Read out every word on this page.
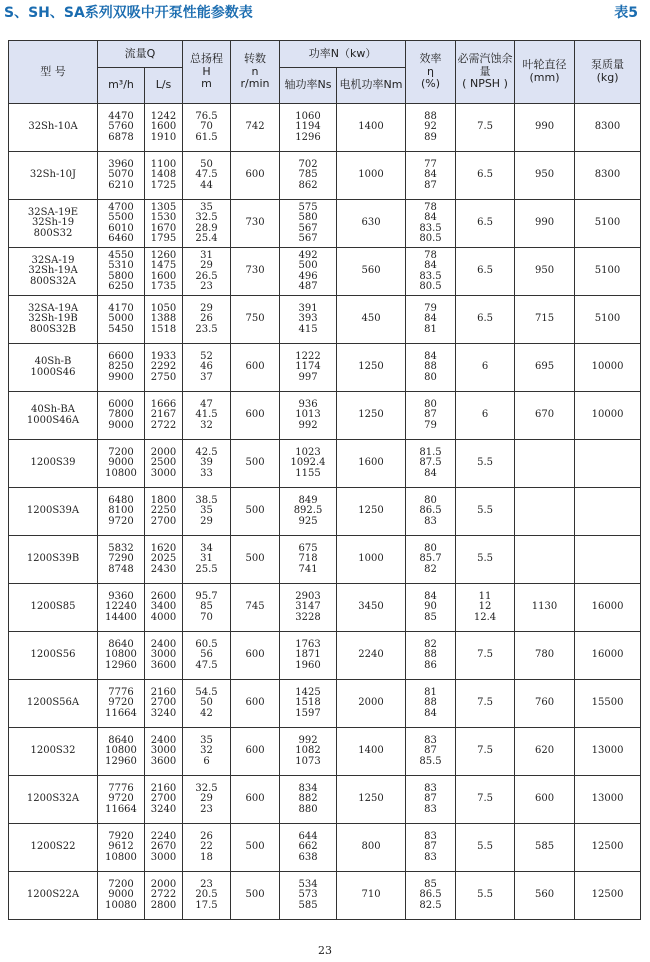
S、SH、SA系列双吸中开泵性能参数表	表5
型 号	流量Q		总扬程
H
m	转数
n
r/min	功率N（kw）		效率
η
(%)	必需汽蚀余量
( NPSH )	叶轮直径
(mm)	泵质量
(kg)

	m³/h	L/s			轴功率Ns	电机功率Nm				

32Sh-10A	4470
5760
6878	1242
1600
1910	76.5
70
61.5	742	1060
1194
1296	1400	88
92
89	7.5	990	8300

32Sh-10J	3960
5070
6210	1100
1408
1725	50
47.5
44	600	702
785
862	1000	77
84
87	6.5	950	8300

32SA-19E
32Sh-19
800S32	4700
5500
6010
6460	1305
1530
1670
1795	35
32.5
28.9
25.4	730	575
580
567
567	630	78
84
83.5
80.5	6.5	990	5100

32SA-19
32Sh-19A
800S32A	4550
5310
5800
6250	1260
1475
1600
1735	31
29
26.5
23	730	492
500
496
487	560	78
84
83.5
80.5	6.5	950	5100

32SA-19A
32Sh-19B
800S32B	4170
5000
5450	1050
1388
1518	29
26
23.5	750	391
393
415	450	79
84
81	6.5	715	5100

40Sh-B
1000S46	6600
8250
9900	1933
2292
2750	52
46
37	600	1222
1174
997	1250	84
88
80	6	695	10000

40Sh-BA
1000S46A	6000
7800
9000	1666
2167
2722	47
41.5
32	600	936
1013
992	1250	80
87
79	6	670	10000

1200S39	7200
9000
10800	2000
2500
3000	42.5
39
33	500	1023
1092.4
1155	1600	81.5
87.5
84	5.5		

1200S39A	6480
8100
9720	1800
2250
2700	38.5
35
29	500	849
892.5
925	1250	80
86.5
83	5.5		

1200S39B	5832
7290
8748	1620
2025
2430	34
31
25.5	500	675
718
741	1000	80
85.7
82	5.5		

1200S85	9360
12240
14400	2600
3400
4000	95.7
85
70	745	2903
3147
3228	3450	84
90
85	11
12
12.4	1130	16000

1200S56	8640
10800
12960	2400
3000
3600	60.5
56
47.5	600	1763
1871
1960	2240	82
88
86	7.5	780	16000

1200S56A	7776
9720
11664	2160
2700
3240	54.5
50
42	600	1425
1518
1597	2000	81
88
84	7.5	760	15500

1200S32	8640
10800
12960	2400
3000
3600	35
32
6	600	992
1082
1073	1400	83
87
85.5	7.5	620	13000

1200S32A	7776
9720
11664	2160
2700
3240	32.5
29
23	600	834
882
880	1250	83
87
83	7.5	600	13000

1200S22	7920
9612
10800	2240
2670
3000	26
22
18	500	644
662
638	800	83
87
83	5.5	585	12500

1200S22A	7200
9000
10080	2000
2722
2800	23
20.5
17.5	500	534
573
585	710	85
86.5
82.5	5.5	560	12500
23
